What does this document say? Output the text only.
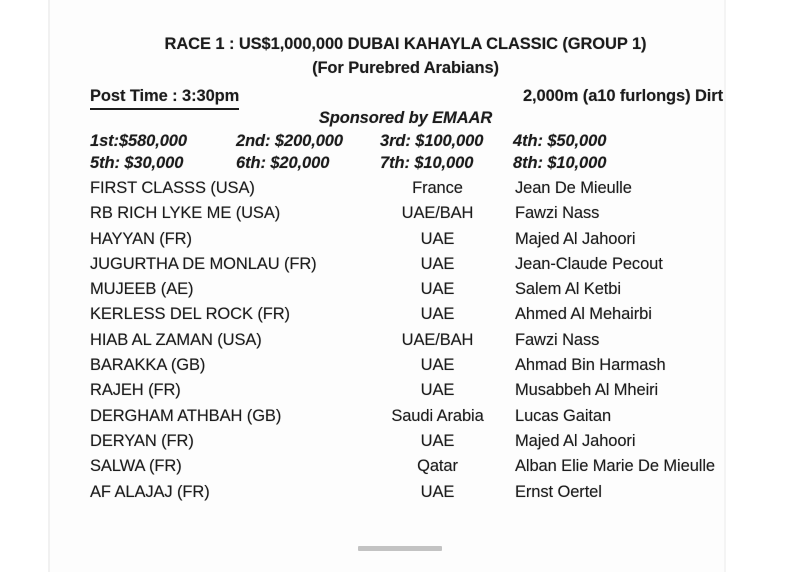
RACE 1 : US$1,000,000 DUBAI KAHAYLA CLASSIC (GROUP 1)
(For Purebred Arabians)
Post Time : 3:30pm	2,000m (a10 furlongs) Dirt
Sponsored by EMAAR
1st:$580,000	2nd: $200,000 3rd: $100,000 4th: $50,000
5th: $30,000	6th: $20,000	7th: $10,000 8th: $10,000
FIRST CLASSS (USA)	France	Jean De Mieulle
RB RICH LYKE ME (USA)	UAE/BAH	Fawzi Nass
HAYYAN (FR)	UAE	Majed Al Jahoori
JUGURTHA DE MONLAU (FR)	UAE	Jean-Claude Pecout
MUJEEB (AE)	UAE	Salem Al Ketbi
KERLESS DEL ROCK (FR)	UAE	Ahmed Al Mehairbi
HIAB AL ZAMAN (USA)	UAE/BAH	Fawzi Nass
BARAKKA (GB)	UAE	Ahmad Bin Harmash
RAJEH (FR)	UAE	Musabbeh Al Mheiri
DERGHAM ATHBAH (GB)	Saudi Arabia	Lucas Gaitan
DERYAN (FR)	UAE	Majed Al Jahoori
SALWA (FR)	Qatar	Alban Elie Marie De Mieulle
AF ALAJAJ (FR)	UAE	Ernst Oertel
